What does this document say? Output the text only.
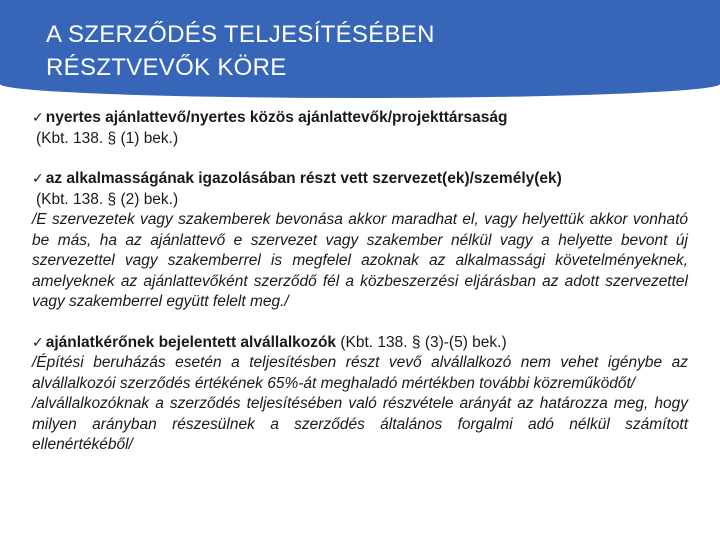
A SZERZŐDÉS TELJESÍTÉSÉBEN
RÉSZTVEVŐK KÖRE
✓ nyertes ajánlattevő/nyertes közös ajánlattevők/projekttársaság
(Kbt. 138. § (1) bek.)
✓ az alkalmasságának igazolásában részt vett szervezet(ek)/személy(ek)
(Kbt. 138. § (2) bek.)
/E szervezetek vagy szakemberek bevonása akkor maradhat el, vagy helyettük akkor vonható be más, ha az ajánlattevő e szervezet vagy szakember nélkül vagy a helyette bevont új szervezettel vagy szakemberrel is megfelel azoknak az alkalmassági követelményeknek, amelyeknek az ajánlattevőként szerződő fél a közbeszerzési eljárásban az adott szervezettel vagy szakemberrel együtt felelt meg./
✓ ajánlatkérőnek bejelentett alvállalkozók (Kbt. 138. § (3)-(5) bek.)
/Építési beruházás esetén a teljesítésben részt vevő alvállalkozó nem vehet igénybe az alvállalkozói szerződés értékének 65%-át meghaladó mértékben további közreműködőt/
/alvállalkozóknak a szerződés teljesítésében való részvétele arányát az határozza meg, hogy milyen arányban részesülnek a szerződés általános forgalmi adó nélkül számított ellenértékéből/
